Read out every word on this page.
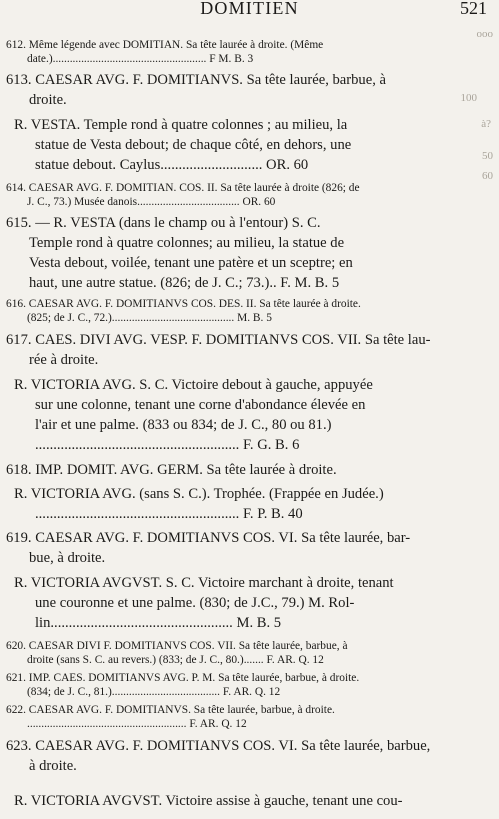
DOMITIEN	521
ooo
100
à?
612. Même légende avec DOMITIAN. Sa tête laurée à droite. (Même
date.)...................................................... F M. B. 3
613. CAESAR AVG. F. DOMITIANVS. Sa tête laurée, barbue, à
droite.
R. VESTA. Temple rond à quatre colonnes ; au milieu, la
statue de Vesta debout; de chaque côté, en dehors, une
statue debout. Caylus............................ OR. 60
614. CAESAR AVG. F. DOMITIAN. COS. II. Sa tête laurée à droite (826; de
J. C., 73.) Musée danois.................................... OR. 60
615. — R. VESTA (dans le champ ou à l'entour) S. C.
Temple rond à quatre colonnes; au milieu, la statue de
Vesta debout, voilée, tenant une patère et un sceptre; en
haut, une autre statue. (826; de J. C.; 73.).. F. M. B. 5
616. CAESAR AVG. F. DOMITIANVS COS. DES. II. Sa tête laurée à droite.
(825; de J. C., 72.)........................................... M. B. 5
617. CAES. DIVI AVG. VESP. F. DOMITIANVS COS. VII. Sa tête lau-
rée à droite.
R. VICTORIA AVG. S. C. Victoire debout à gauche, appuyée
sur une colonne, tenant une corne d'abondance élevée en
l'air et une palme. (833 ou 834; de J. C., 80 ou 81.)
........................................................ F. G. B. 6
618. IMP. DOMIT. AVG. GERM. Sa tête laurée à droite.
R. VICTORIA AVG. (sans S. C.). Trophée. (Frappée en Judée.)
........................................................ F. P. B. 40
619. CAESAR AVG. F. DOMITIANVS COS. VI. Sa tête laurée, bar-
bue, à droite.
R. VICTORIA AVGVST. S. C. Victoire marchant à droite, tenant
une couronne et une palme. (830; de J.C., 79.) M. Rol-
lin.................................................. M. B. 5
620. CAESAR DIVI F. DOMITIANVS COS. VII. Sa tête laurée, barbue, à
droite (sans S. C. au revers.) (833; de J. C., 80.)....... F. AR. Q. 12
621. IMP. CAES. DOMITIANVS AVG. P. M. Sa tête laurée, barbue, à droite.
(834; de J. C., 81.)...................................... F. AR. Q. 12
622. CAESAR AVG. F. DOMITIANVS. Sa tête laurée, barbue, à droite.
........................................................ F. AR. Q. 12
623. CAESAR AVG. F. DOMITIANVS COS. VI. Sa tête laurée, barbue,
à droite.
R. VICTORIA AVGVST. Victoire assise à gauche, tenant une cou-
50
60
